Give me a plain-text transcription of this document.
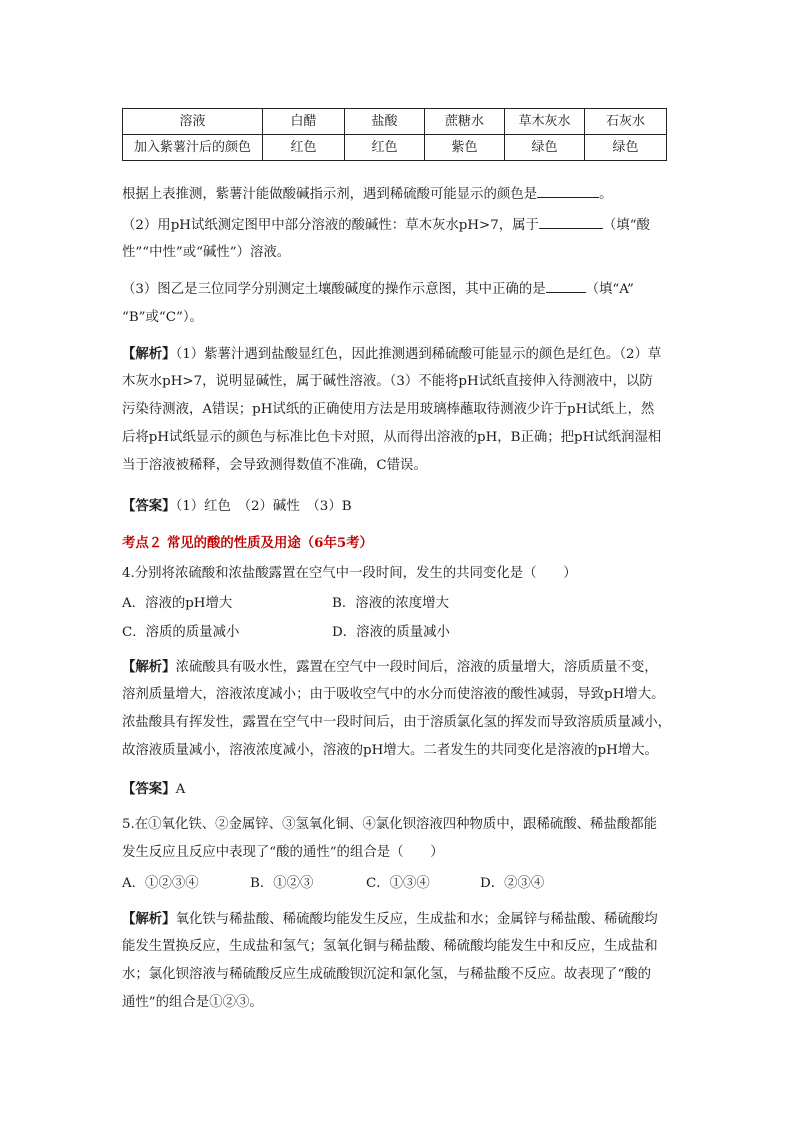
溶液	白醋	盐酸	蔗糖水	草木灰水	石灰水
加入紫薯汁后的颜色	红色	红色	紫色	绿色	绿色

根据上表推测，紫薯汁能做酸碱指示剂，遇到稀硫酸可能显示的颜色是	。

（2）用pH试纸测定图甲中部分溶液的酸碱性：草木灰水pH>7，属于	（填“酸

性”“中性”或“碱性”）溶液。

（3）图乙是三位同学分别测定土壤酸碱度的操作示意图，其中正确的是	（填“A”

“B”或“C”）。

【解析】（1）紫薯汁遇到盐酸显红色，因此推测遇到稀硫酸可能显示的颜色是红色。（2）草

木灰水pH>7，说明显碱性，属于碱性溶液。（3）不能将pH试纸直接伸入待测液中，以防

污染待测液，A错误；pH试纸的正确使用方法是用玻璃棒蘸取待测液少许于pH试纸上，然

后将pH试纸显示的颜色与标准比色卡对照，从而得出溶液的pH，B正确；把pH试纸润湿相

当于溶液被稀释，会导致测得数值不准确，C错误。

【答案】（1）红色　（2）碱性　（3）B

考点２ 常见的酸的性质及用途（6年5考）

4.分别将浓硫酸和浓盐酸露置在空气中一段时间，发生的共同变化是（　　）

A．溶液的pH增大	B．溶液的浓度增大
C．溶质的质量减小	D．溶液的质量减小

【解析】浓硫酸具有吸水性，露置在空气中一段时间后，溶液的质量增大，溶质质量不变，

溶剂质量增大，溶液浓度减小；由于吸收空气中的水分而使溶液的酸性减弱，导致pH增大。

浓盐酸具有挥发性，露置在空气中一段时间后，由于溶质氯化氢的挥发而导致溶质质量减小，

故溶液质量减小，溶液浓度减小，溶液的pH增大。二者发生的共同变化是溶液的pH增大。

【答案】A

5.在①氧化铁、②金属锌、③氢氧化铜、④氯化钡溶液四种物质中，跟稀硫酸、稀盐酸都能

发生反应且反应中表现了“酸的通性”的组合是（　　）

A．①②③④	B．①②③	C．①③④	D．②③④

【解析】氧化铁与稀盐酸、稀硫酸均能发生反应，生成盐和水；金属锌与稀盐酸、稀硫酸均

能发生置换反应，生成盐和氢气；氢氧化铜与稀盐酸、稀硫酸均能发生中和反应，生成盐和

水；氯化钡溶液与稀硫酸反应生成硫酸钡沉淀和氯化氢，与稀盐酸不反应。故表现了“酸的

通性”的组合是①②③。
